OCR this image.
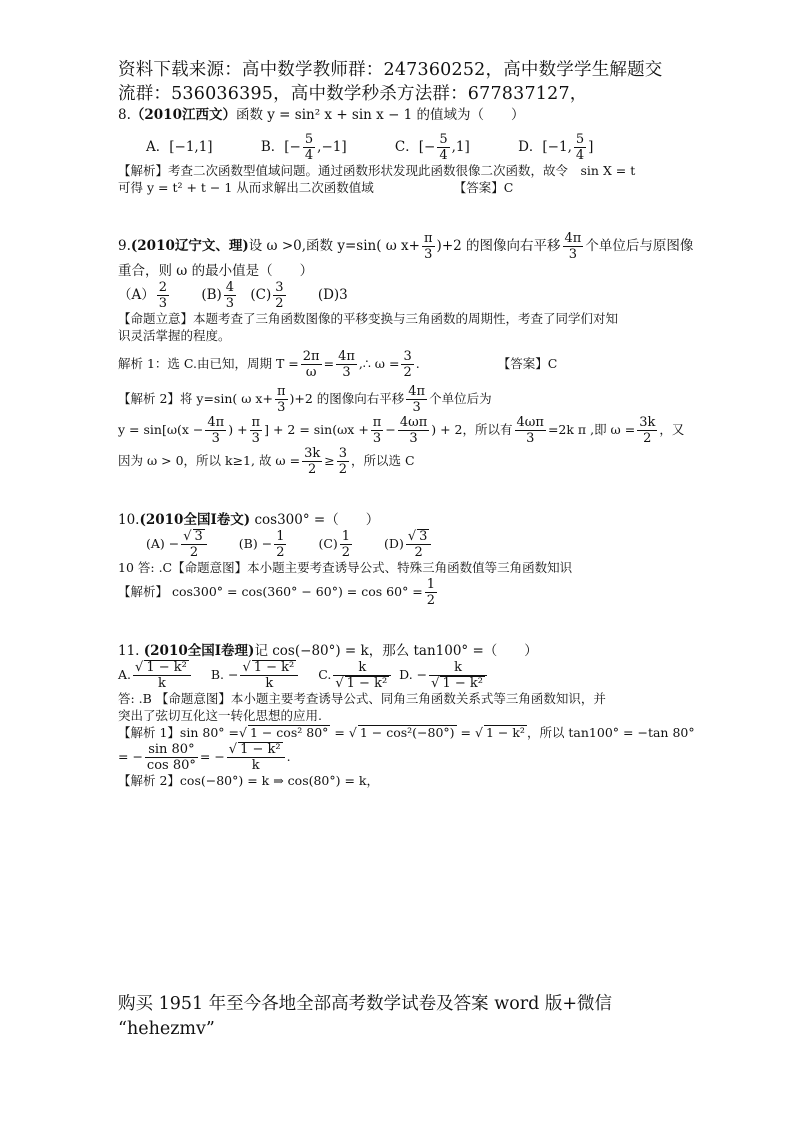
资料下载来源：高中数学教师群：247360252，高中数学学生解题交
流群：536036395，高中数学秒杀方法群：677837127，
8.（2010江西文）函数 y = sin² x + sin x − 1 的值域为（　　）
A．[−1,1]	B．[− $\frac{5}{4} ,-1$]	C．[− $\frac{5}{4} ,1$]	D．[−1, $\frac{5}{4}$ ]
【解析】考查二次函数型值域问题。通过函数形状发现此函数很像二次函数，故令　sin X = t
可得 y = t² + t − 1 从而求解出二次函数值域	【答案】C
9.(2010辽宁文、理)设 ω >0,函数 y=sin( ω $x+ \frac{\pi}{3} )+2$ 的图像向右平移 $\frac{4\pi}{3}$ 个单位后与原图像
重合，则 ω 的最小值是（　　）
$(A) \frac{2}{3} (B) \frac{4}{3} (C) \frac{3}{2} (D)3$
【命题立意】本题考查了三角函数图像的平移变换与三角函数的周期性，考查了同学们对知
识灵活掌握的程度。
解析 1：选 C.由已知，周期 $T = \frac{2\pi}{\omega} = \frac{4\pi}{3}$ ,∴ $\omega = \frac{3}{2}$ .	【答案】C
【解析 2】将 y=sin( ω $x+ \frac{\pi}{3} )+2$ 的图像向右平移 $\frac{4\pi}{3}$ 个单位后为
$y = \sin[\omega(x - \frac{4\pi}{3}$ ) + $\frac{\pi}{3}$ ] + $2 = \sin(\omega x + \frac{\pi}{3} - \frac{4\omega\pi}{3}$ ) + 2，所以有 $\frac{4\omega\pi}{3} =2k$ π ,即 $\omega = \frac{3k}{2}$ ，又
因为 ω > 0，所以 k≥1, 故 $\omega = \frac{3k}{2} \ge \frac{3}{2}$ ，所以选 C
10.(2010全国Ⅰ卷文) cos300° =（　　）
(A) − √ $\frac{3}{2}$	$(B) - \frac{1}{2}$	$(C) \frac{1}{2}$	(D) √ $\frac{3}{2}$
10 答: .C【命题意图】本小题主要考查诱导公式、特殊三角函数值等三角函数知识
【解析】 $\cos 300^\circ = \cos(360^\circ - 60^\circ) = \cos 60^\circ = \frac{1}{2}$
11. (2010全国Ⅰ卷理)记 cos(−80°) = k，那么 tan100° =（　　）
A. √ $\frac{\text{1 − k²}}{k} B$. − √ $\frac{\text{1 − k²}}{k} C$. k
√ 1 − k² D. − k
√ 1 − k²
答: .B 【命题意图】本小题主要考查诱导公式、同角三角函数关系式等三角函数知识，并
突出了弦切互化这一转化思想的应用.
【解析 1】sin 80° = √ 1 − cos² 80° = √ 1 − cos²(−80°) = √ 1 − k² ，所以 tan100° = −tan 80°
= − $\frac{\sin 80^\circ}{\cos 80^\circ}$ = − √ $\frac{\text{1 − k²}}{k}$ .
【解析 2】cos(−80°) = k ⇒ cos(80°) = k，
购买 1951 年至今各地全部高考数学试卷及答案 word 版+微信
“hehezmv”
